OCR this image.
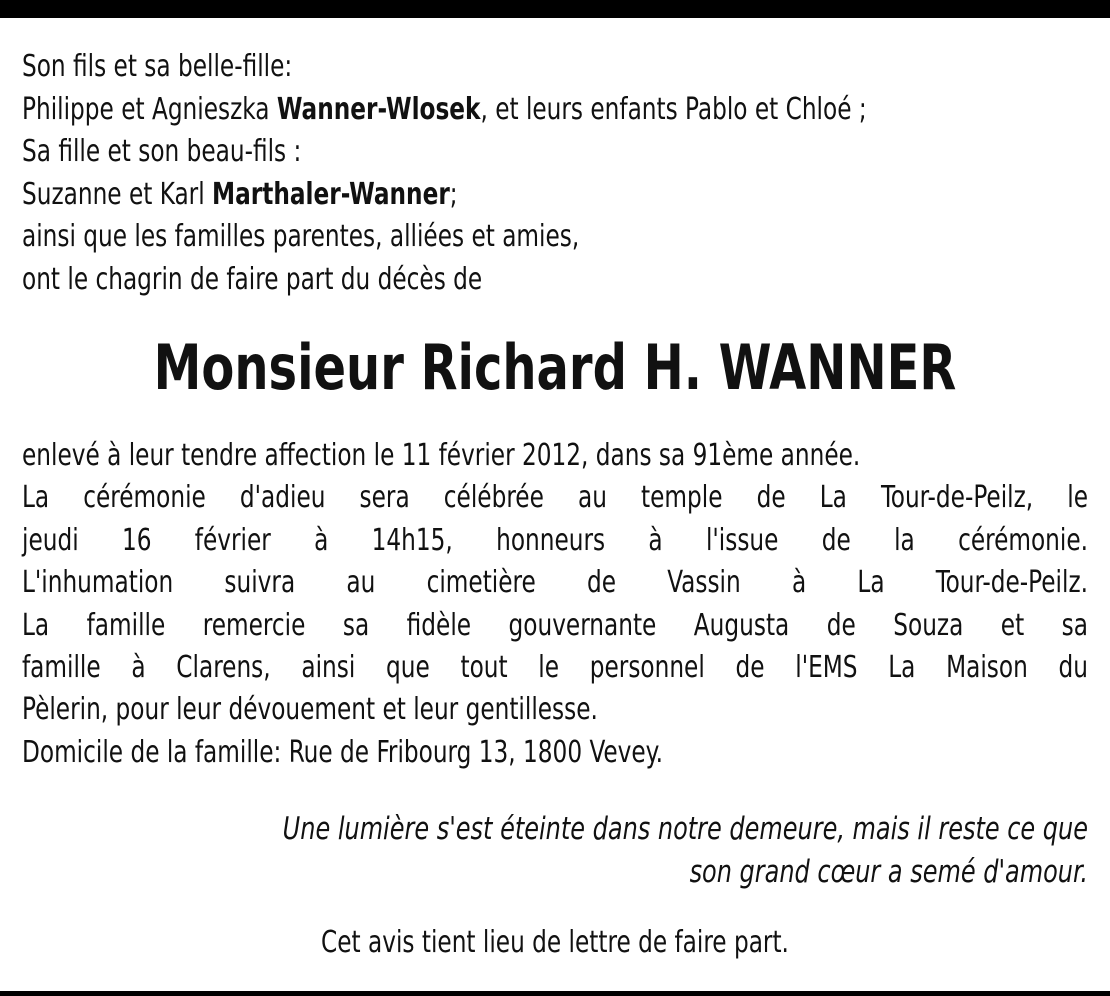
Son fils et sa belle-fille:
Philippe et Agnieszka Wanner-Wlosek, et leurs enfants Pablo et Chloé ;
Sa fille et son beau-fils :
Suzanne et Karl Marthaler-Wanner;
ainsi que les familles parentes, alliées et amies,
ont le chagrin de faire part du décès de
Monsieur Richard H. WANNER
enlevé à leur tendre affection le 11 février 2012, dans sa 91ème année.
La cérémonie d'adieu sera célébrée au temple de La Tour-de-Peilz, le
jeudi 16 février à 14h15, honneurs à l'issue de la cérémonie.
L'inhumation suivra au cimetière de Vassin à La Tour-de-Peilz.
La famille remercie sa fidèle gouvernante Augusta de Souza et sa
famille à Clarens, ainsi que tout le personnel de l'EMS La Maison du
Pèlerin, pour leur dévouement et leur gentillesse.
Domicile de la famille: Rue de Fribourg 13, 1800 Vevey.
Une lumière s'est éteinte dans notre demeure, mais il reste ce que
son grand cœur a semé d'amour.
Cet avis tient lieu de lettre de faire part.
